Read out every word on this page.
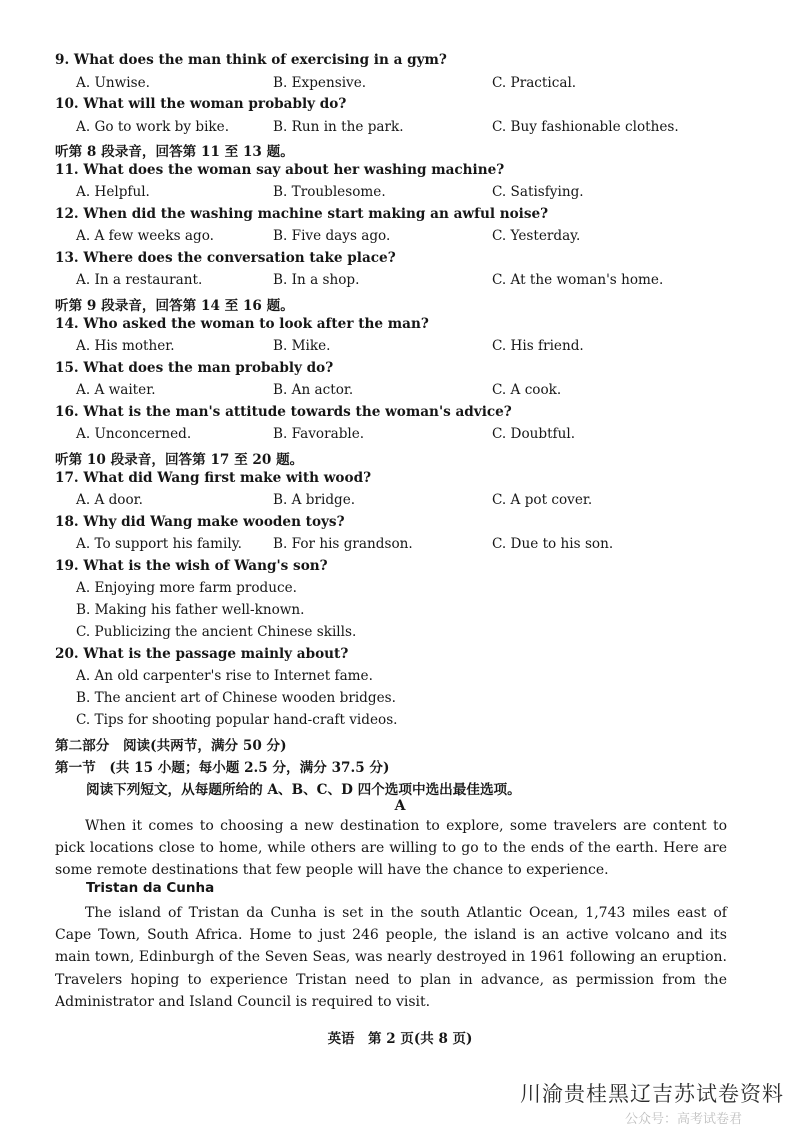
9. What does the man think of exercising in a gym?
A. Unwise.	B. Expensive.	C. Practical.
10. What will the woman probably do?
A. Go to work by bike.	B. Run in the park.	C. Buy fashionable clothes.
听第 8 段录音，回答第 11 至 13 题。
11. What does the woman say about her washing machine?
A. Helpful.	B. Troublesome.	C. Satisfying.
12. When did the washing machine start making an awful noise?
A. A few weeks ago.	B. Five days ago.	C. Yesterday.
13. Where does the conversation take place?
A. In a restaurant.	B. In a shop.	C. At the woman's home.
听第 9 段录音，回答第 14 至 16 题。
14. Who asked the woman to look after the man?
A. His mother.	B. Mike.	C. His friend.
15. What does the man probably do?
A. A waiter.	B. An actor.	C. A cook.
16. What is the man's attitude towards the woman's advice?
A. Unconcerned.	B. Favorable.	C. Doubtful.
听第 10 段录音，回答第 17 至 20 题。
17. What did Wang first make with wood?
A. A door.	B. A bridge.	C. A pot cover.
18. Why did Wang make wooden toys?
A. To support his family. B. For his grandson.	C. Due to his son.
19. What is the wish of Wang's son?
A. Enjoying more farm produce.
B. Making his father well-known.
C. Publicizing the ancient Chinese skills.
20. What is the passage mainly about?
A. An old carpenter's rise to Internet fame.
B. The ancient art of Chinese wooden bridges.
C. Tips for shooting popular hand-craft videos.
第二部分　阅读(共两节，满分 50 分)
第一节　(共 15 小题；每小题 2.5 分，满分 37.5 分)
阅读下列短文，从每题所给的 A、B、C、D 四个选项中选出最佳选项。
A
When it comes to choosing a new destination to explore, some travelers are content to pick locations close to home, while others are willing to go to the ends of the earth. Here are some remote destinations that few people will have the chance to experience.
Tristan da Cunha
The island of Tristan da Cunha is set in the south Atlantic Ocean, 1,743 miles east of Cape Town, South Africa. Home to just 246 people, the island is an active volcano and its main town, Edinburgh of the Seven Seas, was nearly destroyed in 1961 following an eruption. Travelers hoping to experience Tristan need to plan in advance, as permission from the Administrator and Island Council is required to visit.
英语　第 2 页(共 8 页)
川渝贵桂黑辽吉苏试卷资料
公众号：高考试卷君
